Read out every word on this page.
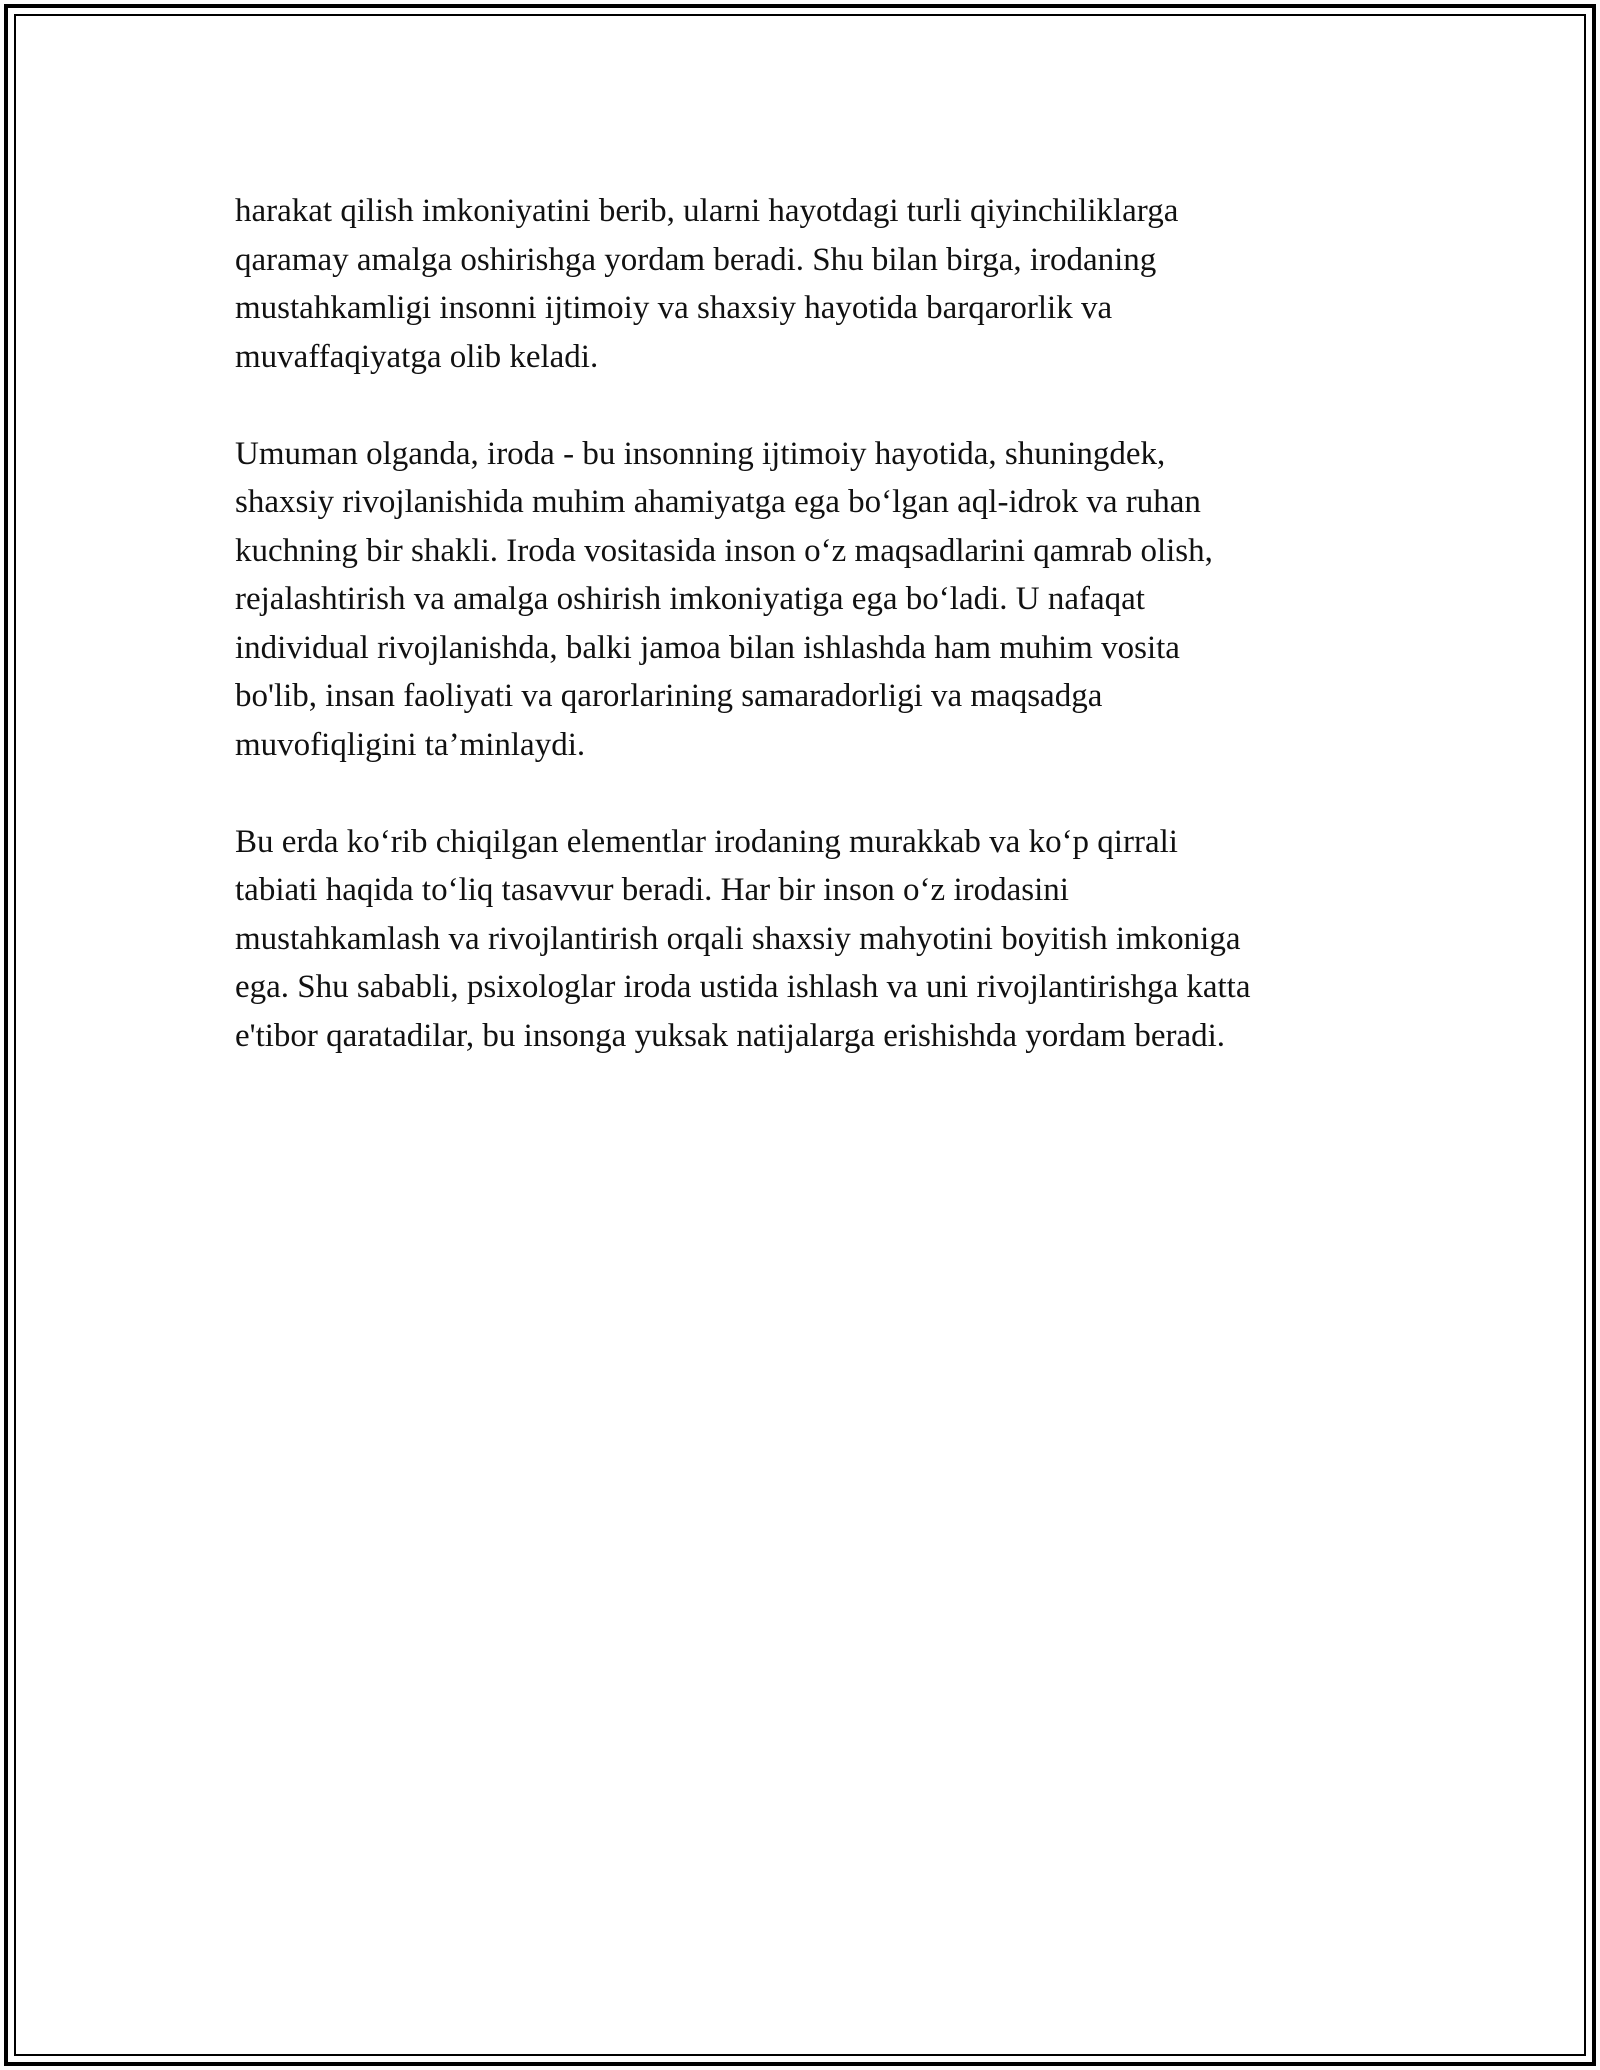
harakat qilish imkoniyatini berib, ularni hayotdagi turli qiyinchiliklarga
qaramay amalga oshirishga yordam beradi. Shu bilan birga, irodaning
mustahkamligi insonni ijtimoiy va shaxsiy hayotida barqarorlik va
muvaffaqiyatga olib keladi.

Umuman olganda, iroda - bu insonning ijtimoiy hayotida, shuningdek,
shaxsiy rivojlanishida muhim ahamiyatga ega bo‘lgan aql-idrok va ruhan
kuchning bir shakli. Iroda vositasida inson o‘z maqsadlarini qamrab olish,
rejalashtirish va amalga oshirish imkoniyatiga ega bo‘ladi. U nafaqat
individual rivojlanishda, balki jamoa bilan ishlashda ham muhim vosita
bo'lib, insan faoliyati va qarorlarining samaradorligi va maqsadga
muvofiqligini ta’minlaydi.

Bu erda ko‘rib chiqilgan elementlar irodaning murakkab va ko‘p qirrali
tabiati haqida to‘liq tasavvur beradi. Har bir inson o‘z irodasini
mustahkamlash va rivojlantirish orqali shaxsiy mahyotini boyitish imkoniga
ega. Shu sababli, psixologlar iroda ustida ishlash va uni rivojlantirishga katta
e'tibor qaratadilar, bu insonga yuksak natijalarga erishishda yordam beradi.
